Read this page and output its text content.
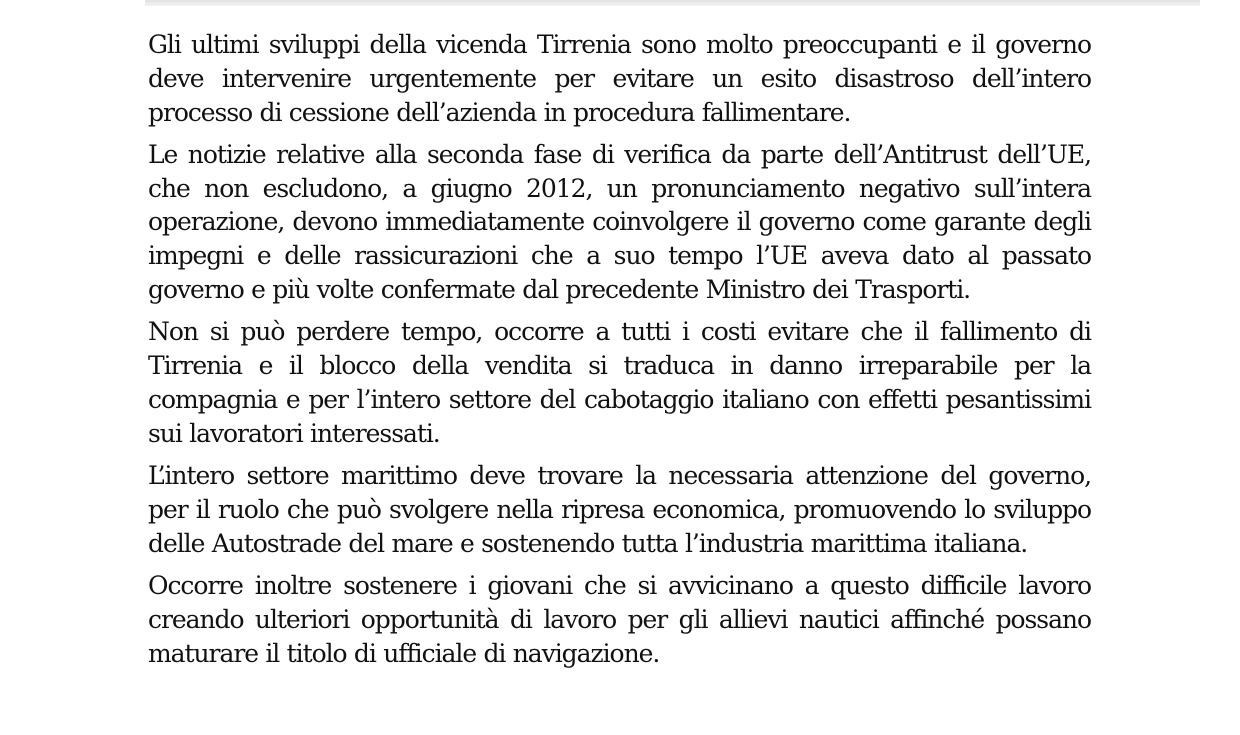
Gli ultimi sviluppi della vicenda Tirrenia sono molto preoccupanti e il governo deve intervenire urgentemente per evitare un esito disastroso dell’intero processo di cessione dell’azienda in procedura fallimentare.

Le notizie relative alla seconda fase di verifica da parte dell’Antitrust dell’UE, che non escludono, a giugno 2012, un pronunciamento negativo sull’intera operazione, devono immediatamente coinvolgere il governo come garante degli impegni e delle rassicurazioni che a suo tempo l’UE aveva dato al passato governo e più volte confermate dal precedente Ministro dei Trasporti.

Non si può perdere tempo, occorre a tutti i costi evitare che il fallimento di Tirrenia e il blocco della vendita si traduca in danno irreparabile per la compagnia e per l’intero settore del cabotaggio italiano con effetti pesantissimi sui lavoratori interessati.

L’intero settore marittimo deve trovare la necessaria attenzione del governo, per il ruolo che può svolgere nella ripresa economica, promuovendo lo sviluppo delle Autostrade del mare e sostenendo tutta l’industria marittima italiana.

Occorre inoltre sostenere i giovani che si avvicinano a questo difficile lavoro creando ulteriori opportunità di lavoro per gli allievi nautici affinché possano maturare il titolo di ufficiale di navigazione.
